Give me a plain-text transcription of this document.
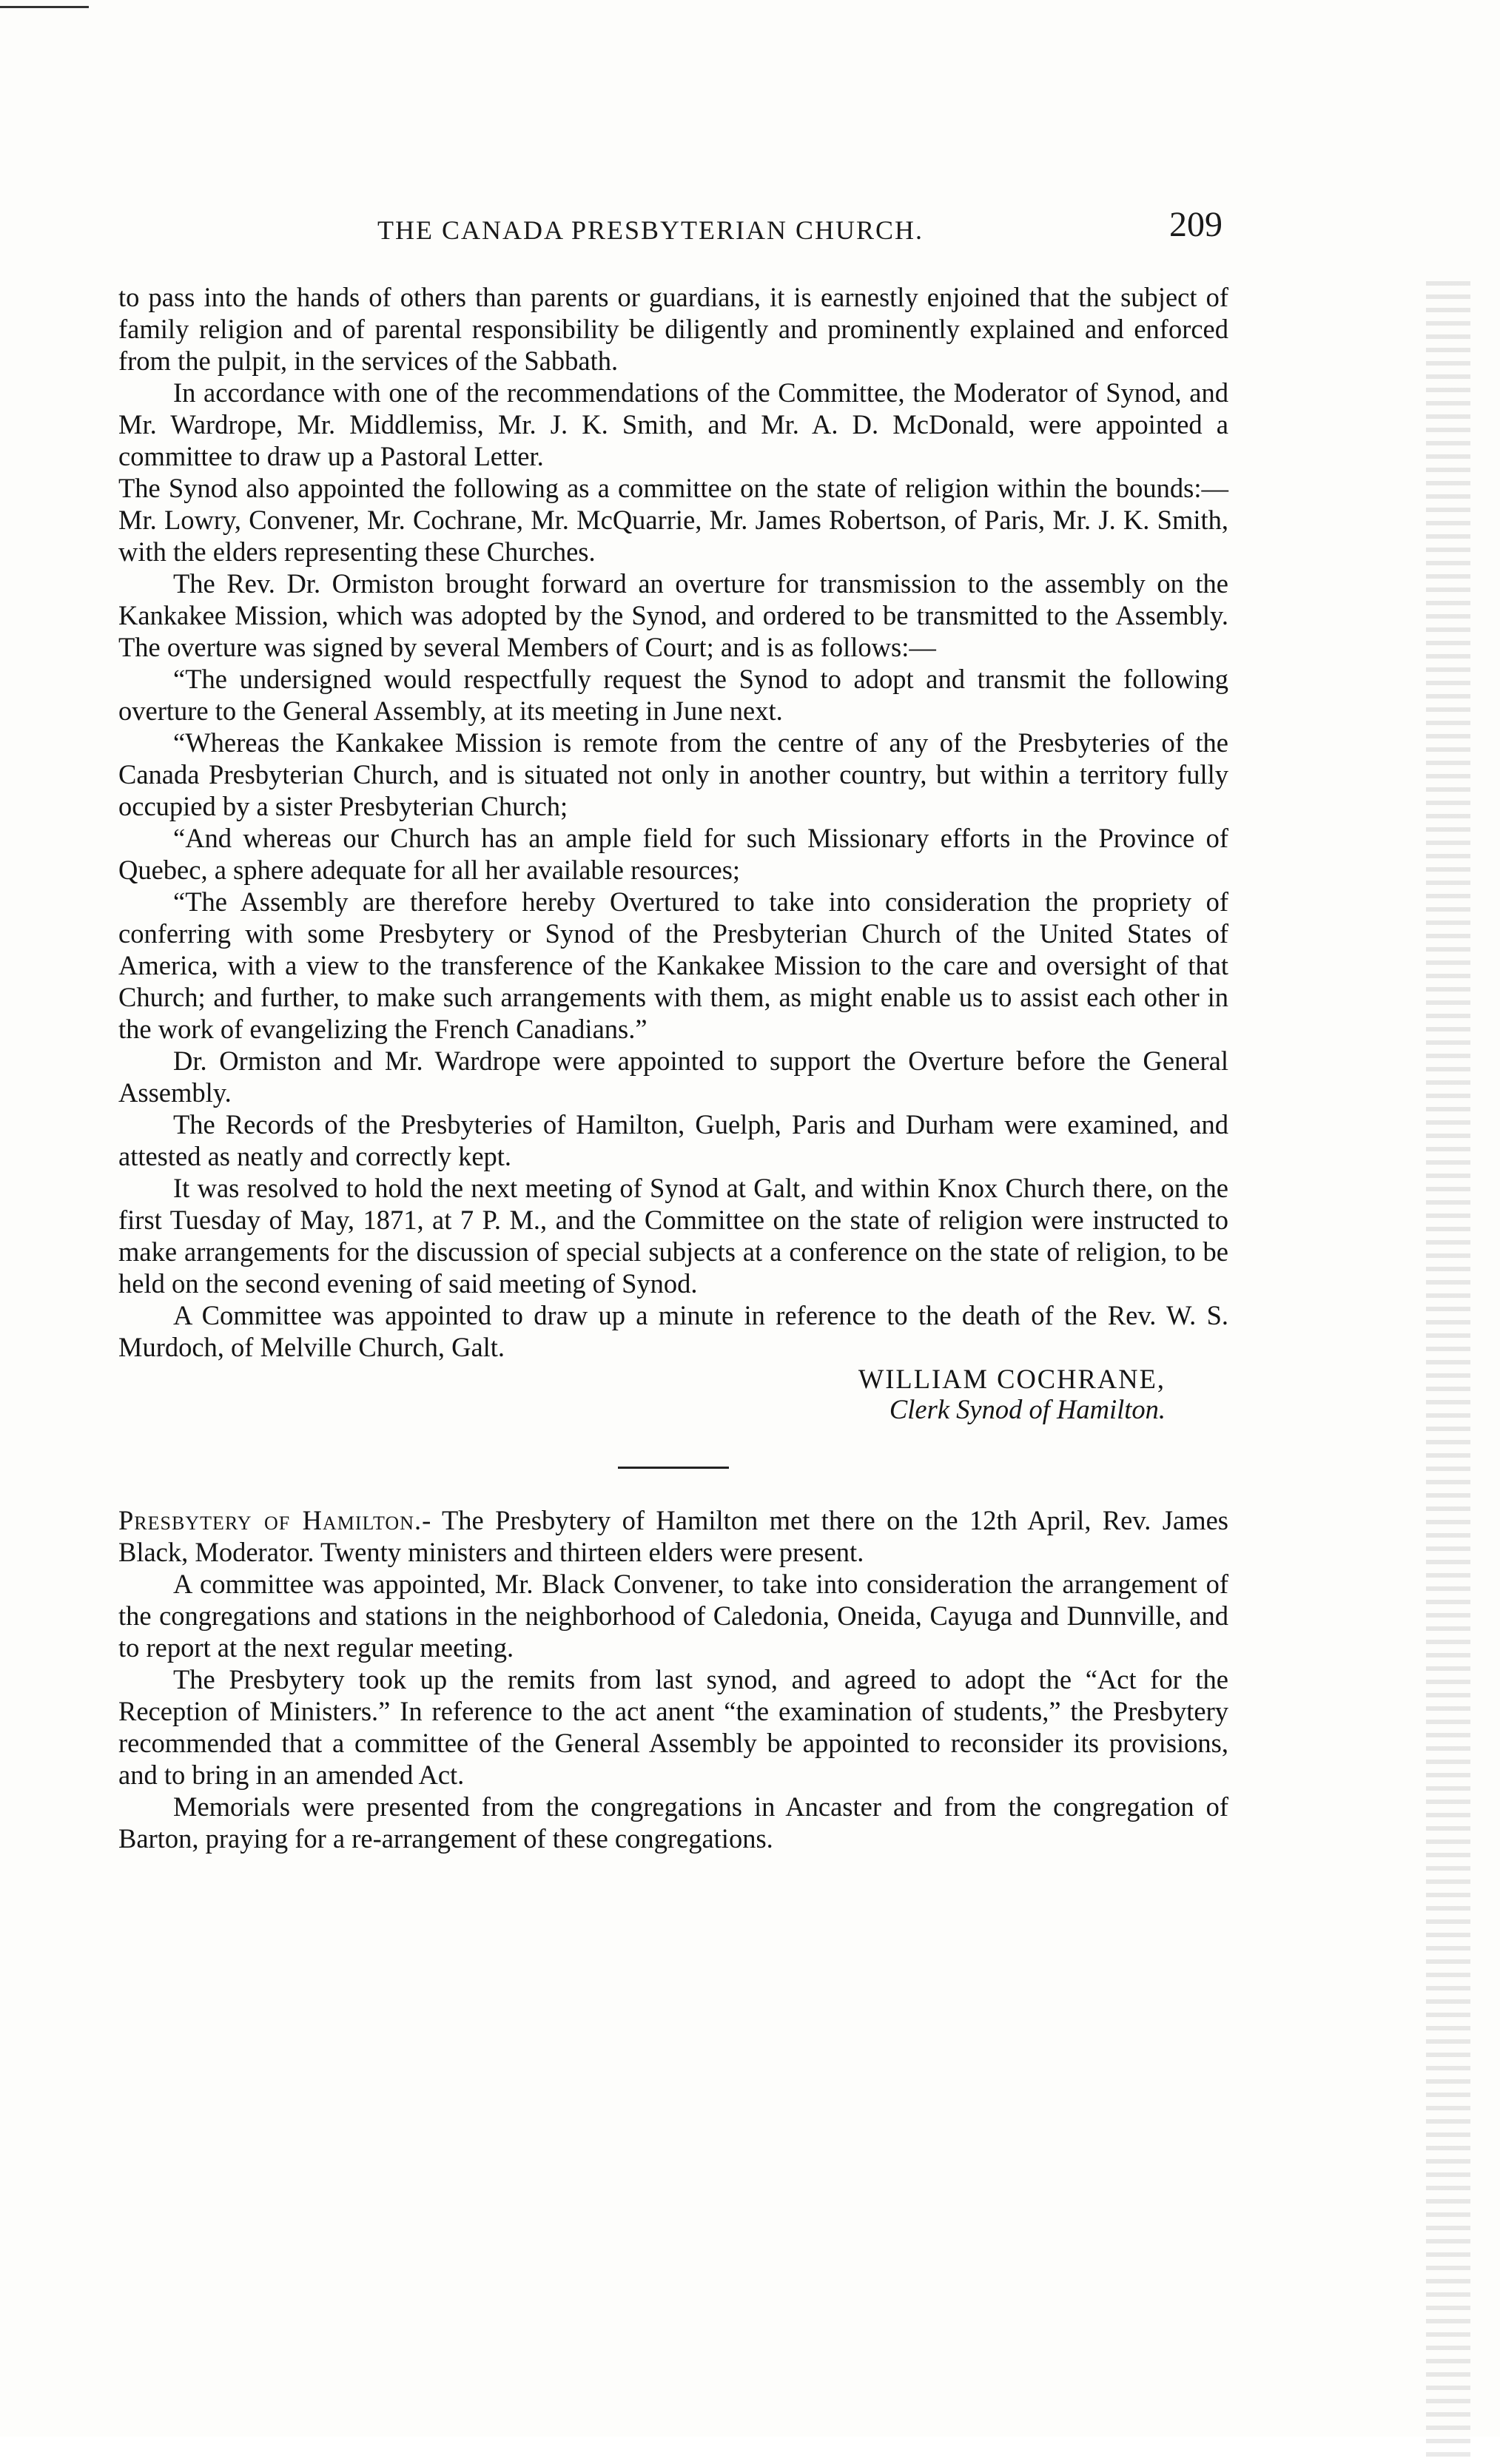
THE CANADA PRESBYTERIAN CHURCH.	209

to pass into the hands of others than parents or guardians, it is earnestly enjoined that the subject of family religion and of parental responsibility be diligently and prominently explained and enforced from the pulpit, in the services of the Sabbath.

In accordance with one of the recommendations of the Committee, the Moderator of Synod, and Mr. Wardrope, Mr. Middlemiss, Mr. J. K. Smith, and Mr. A. D. McDonald, were appointed a committee to draw up a Pastoral Letter.

The Synod also appointed the following as a committee on the state of religion within the bounds:—Mr. Lowry, Convener, Mr. Cochrane, Mr. McQuarrie, Mr. James Robertson, of Paris, Mr. J. K. Smith, with the elders representing these Churches.

The Rev. Dr. Ormiston brought forward an overture for transmission to the assembly on the Kankakee Mission, which was adopted by the Synod, and ordered to be transmitted to the Assembly. The overture was signed by several Members of Court; and is as follows:—

“The undersigned would respectfully request the Synod to adopt and transmit the following overture to the General Assembly, at its meeting in June next.

“Whereas the Kankakee Mission is remote from the centre of any of the Presbyteries of the Canada Presbyterian Church, and is situated not only in another country, but within a territory fully occupied by a sister Presbyterian Church;

“And whereas our Church has an ample field for such Missionary efforts in the Province of Quebec, a sphere adequate for all her available resources;

“The Assembly are therefore hereby Overtured to take into consideration the propriety of conferring with some Presbytery or Synod of the Presbyterian Church of the United States of America, with a view to the transference of the Kankakee Mission to the care and oversight of that Church; and further, to make such arrangements with them, as might enable us to assist each other in the work of evangelizing the French Canadians.”

Dr. Ormiston and Mr. Wardrope were appointed to support the Overture before the General Assembly.

The Records of the Presbyteries of Hamilton, Guelph, Paris and Durham were examined, and attested as neatly and correctly kept.

It was resolved to hold the next meeting of Synod at Galt, and within Knox Church there, on the first Tuesday of May, 1871, at 7 P. M., and the Committee on the state of religion were instructed to make arrangements for the discussion of special subjects at a conference on the state of religion, to be held on the second evening of said meeting of Synod.

A Committee was appointed to draw up a minute in reference to the death of the Rev. W. S. Murdoch, of Melville Church, Galt.

WILLIAM COCHRANE,
Clerk Synod of Hamilton.

Presbytery of Hamilton.- The Presbytery of Hamilton met there on the 12th April, Rev. James Black, Moderator. Twenty ministers and thirteen elders were present.

A committee was appointed, Mr. Black Convener, to take into consideration the arrangement of the congregations and stations in the neighborhood of Caledonia, Oneida, Cayuga and Dunnville, and to report at the next regular meeting.

The Presbytery took up the remits from last synod, and agreed to adopt the “Act for the Reception of Ministers.” In reference to the act anent “the examination of students,” the Presbytery recommended that a committee of the General Assembly be appointed to reconsider its provisions, and to bring in an amended Act.

Memorials were presented from the congregations in Ancaster and from the congregation of Barton, praying for a re-arrangement of these congregations.
